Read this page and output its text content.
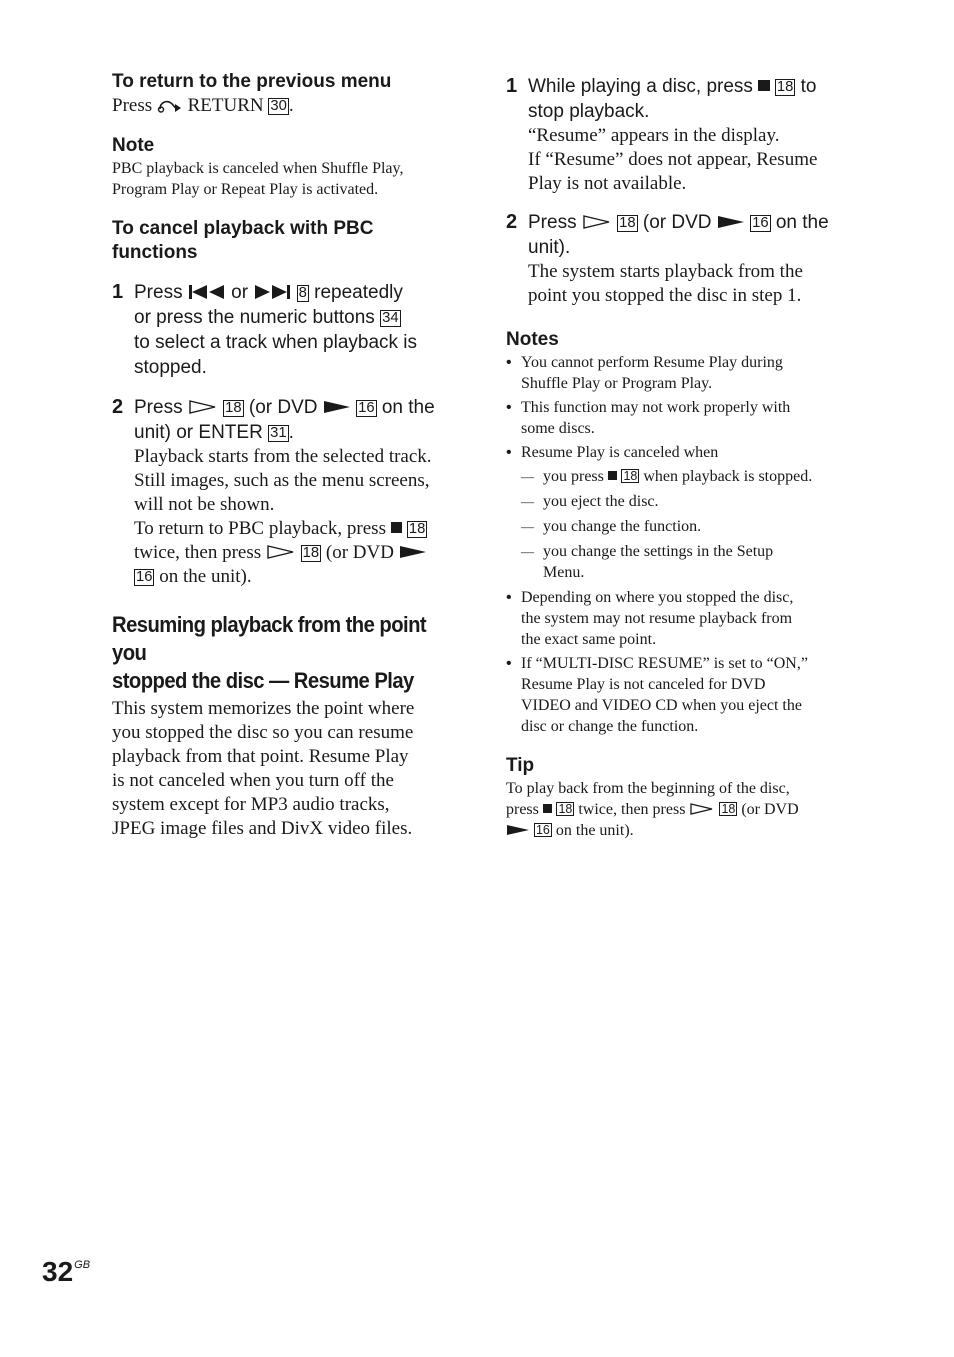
To return to the previous menu

Press RETURN 30 .

Note

PBC playback is canceled when Shuffle Play,

Program Play or Repeat Play is activated.

To cancel playback with PBC

functions

1 Press	or	8 repeatedly
or press the numeric buttons 34
to select a track when playback is
stopped.

2 Press	18 (or DVD	16 on the
unit) or ENTER 31 .

Playback starts from the selected track.
Still images, such as the menu screens,
will not be shown.
To return to PBC playback, press 18
twice, then press	18 (or DVD
16 on the unit).

Resuming playback from the point you

stopped the disc — Resume Play

This system memorizes the point where
you stopped the disc so you can resume
playback from that point. Resume Play
is not canceled when you turn off the
system except for MP3 audio tracks,
JPEG image files and DivX video files.

1 While playing a disc, press 18 to
stop playback.

“Resume” appears in the display.
If “Resume” does not appear, Resume
Play is not available.

2 Press	18 (or DVD	16 on the
unit).

The system starts playback from the
point you stopped the disc in step 1.

Notes

• You cannot perform Resume Play during
Shuffle Play or Program Play.
• This function may not work properly with
some discs.
• Resume Play is canceled when
— you press 18 when playback is stopped.
— you eject the disc.
— you change the function.
— you change the settings in the Setup
Menu.
• Depending on where you stopped the disc,
the system may not resume playback from
the exact same point.
• If “MULTI-DISC RESUME” is set to “ON,”
Resume Play is not canceled for DVD
VIDEO and VIDEO CD when you eject the
disc or change the function.

Tip

To play back from the beginning of the disc,
press 18 twice, then press	18 (or DVD
16 on the unit).

$32^{GB}$
